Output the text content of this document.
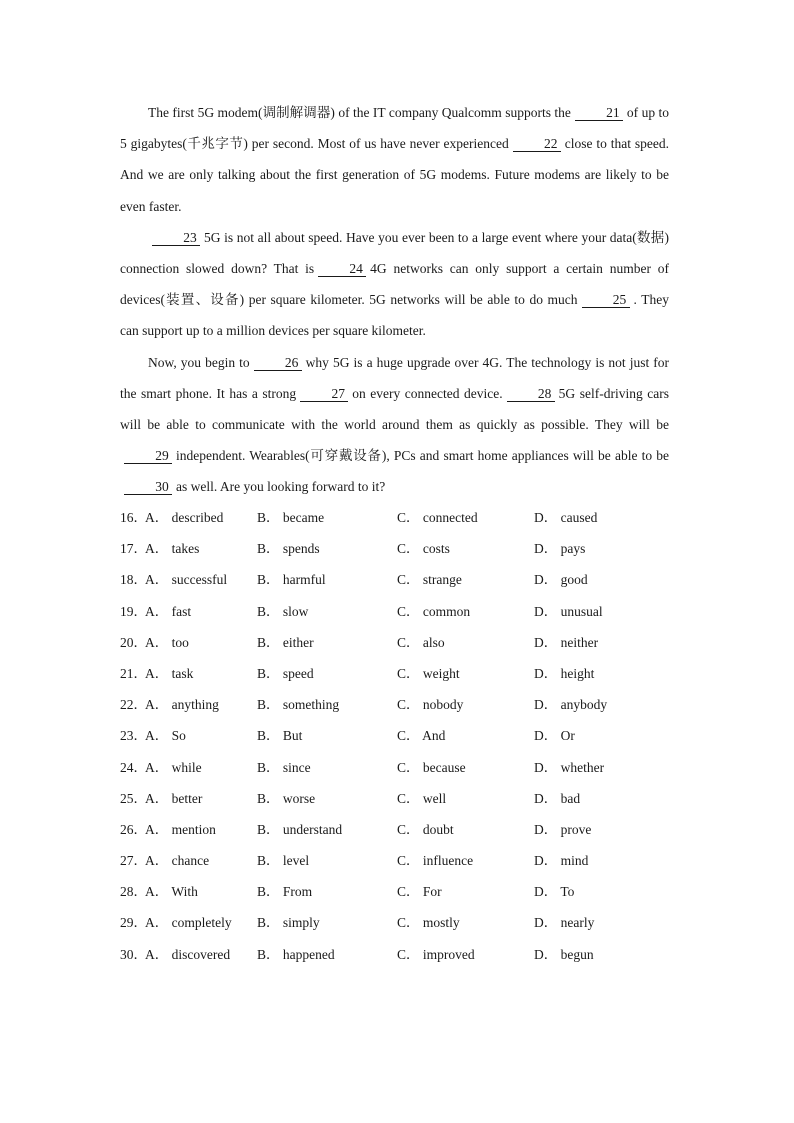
The first 5G modem(调制解调器) of the IT company Qualcomm supports the	21 of up to 5 gigabytes(千兆字节) per second. Most of us have never experienced	22 close to that speed. And we are only talking about the first generation of 5G modems. Future modems are likely to be even faster.

23 5G is not all about speed. Have you ever been to a large event where your data(数据) connection slowed down? That is	24 4G networks can only support a certain number of devices(装置、设备) per square kilometer. 5G networks will be able to do much	25 . They can support up to a million devices per square kilometer.

Now, you begin to	26 why 5G is a huge upgrade over 4G. The technology is not just for the smart phone. It has a strong	27 on every connected device.	28 5G self-driving cars will be able to communicate with the world around them as quickly as possible. They will be29 independent. Wearables(可穿戴设备), PCs and smart home appliances will be able to be30 as well. Are you looking forward to it?

16．
A． described B． became	C． connected	D． caused
17．
A． takes	B． spends	C． costs	D． pays
18．
A． successful B． harmful	C． strange	D． good
19．
A． fast	B． slow	C． common	D． unusual
20．
A． too	B． either	C． also	D． neither
21．
A． task	B． speed	C． weight	D． height
22．
A． anything	B． something	C． nobody	D． anybody
23．
A． So	B． But	C． And	D． Or
24．
A． while	B． since	C． because	D． whether
25．
A． better	B． worse	C． well	D． bad
26．
A． mention	B． understand	C． doubt	D． prove
27．
A． chance	B． level	C． influence	D． mind
28．
A． With	B． From	C． For	D． To
29．
A． completely B． simply	C． mostly	D． nearly
30．
A． discovered B． happened	C． improved	D． begun
